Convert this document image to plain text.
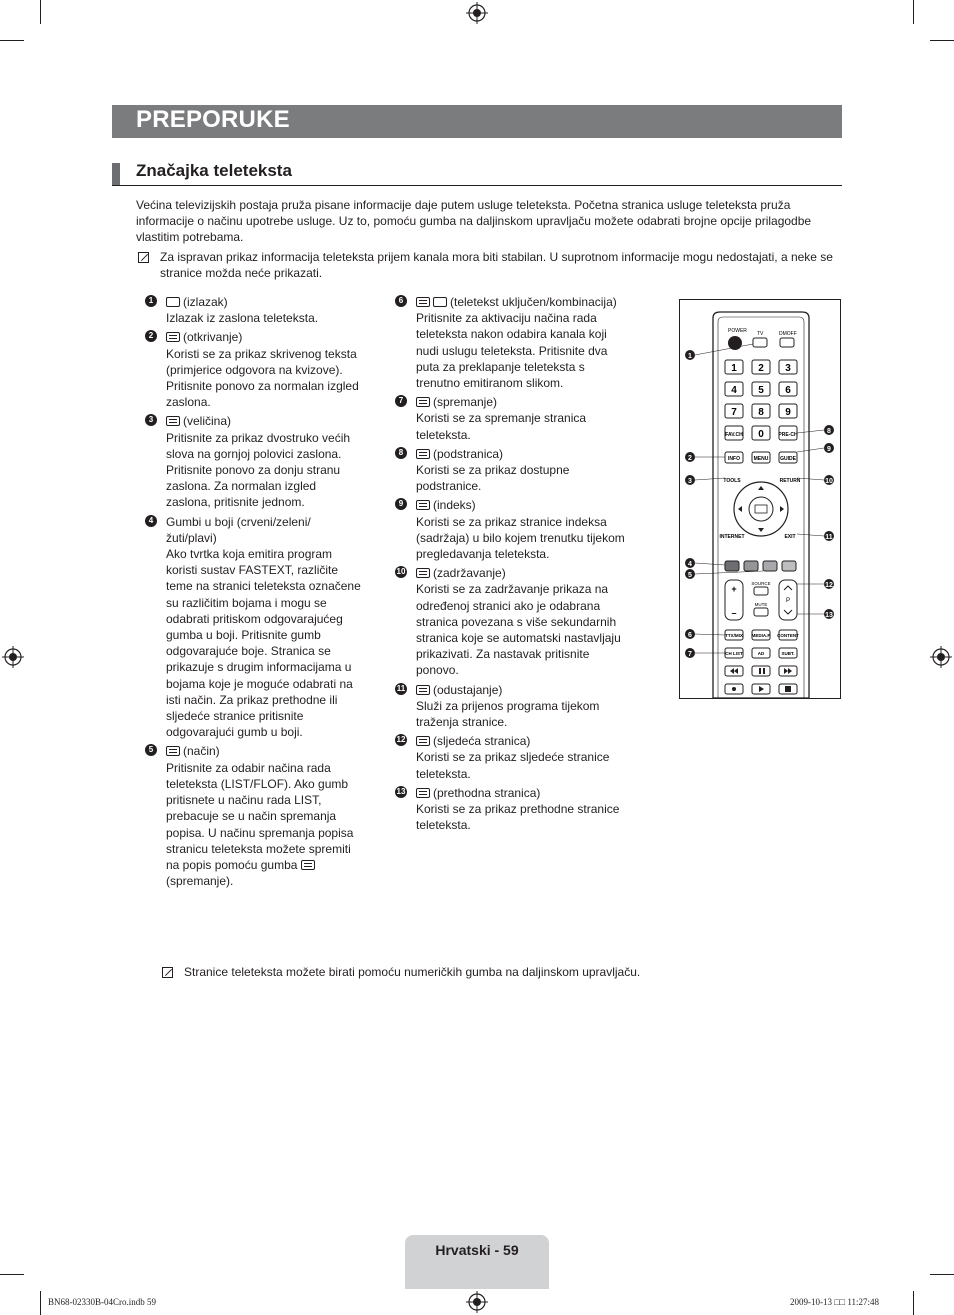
PREPORUKE
Značajka teleteksta
Većina televizijskih postaja pruža pisane informacije daje putem usluge teleteksta. Početna stranica usluge teleteksta pruža informacije o načinu upotrebe usluge. Uz to, pomoću gumba na daljinskom upravljaču možete odabrati brojne opcije prilagodbe vlastitim potrebama.
Za ispravan prikaz informacija teleteksta prijem kanala mora biti stabilan. U suprotnom informacije mogu nedostajati, a neke se stranice možda neće prikazati.
1	(izlazak)
Izlazak iz zaslona teleteksta.
2	(otkrivanje)
Koristi se za prikaz skrivenog teksta (primjerice odgovora na kvizove). Pritisnite ponovo za normalan izgled zaslona.
3	(veličina)
Pritisnite za prikaz dvostruko većih slova na gornjoj polovici zaslona. Pritisnite ponovo za donju stranu zaslona. Za normalan izgled zaslona, pritisnite jednom.
4	Gumbi u boji (crveni/zeleni/žuti/plavi)
Ako tvrtka koja emitira program koristi sustav FASTEXT, različite teme na stranici teleteksta označene su različitim bojama i mogu se odabrati pritiskom odgovarajućeg gumba u boji. Pritisnite gumb odgovarajuće boje. Stranica se prikazuje s drugim informacijama u bojama koje je moguće odabrati na isti način. Za prikaz prethodne ili sljedeće stranice pritisnite odgovarajući gumb u boji.
5	(način)
Pritisnite za odabir načina rada teleteksta (LIST/FLOF). Ako gumb pritisnete u načinu rada LIST, prebacuje se u način spremanja popisa. U načinu spremanja popisa stranicu teleteksta možete spremiti na popis pomoću gumba
(spremanje).
6	(teletekst uključen/kombinacija)
Pritisnite za aktivaciju načina rada teleteksta nakon odabira kanala koji nudi uslugu teleteksta. Pritisnite dva puta za preklapanje teleteksta s trenutno emitiranom slikom.
7	(spremanje)
Koristi se za spremanje stranica teleteksta.
8	(podstranica)
Koristi se za prikaz dostupne podstranice.
9	(indeks)
Koristi se za prikaz stranice indeksa (sadržaja) u bilo kojem trenutku tijekom pregledavanja teleteksta.
10 (zadržavanje)
Koristi se za zadržavanje prikaza na određenoj stranici ako je odabrana stranica povezana s više sekundarnih stranica koje se automatski nastavljaju prikazivati. Za nastavak pritisnite ponovo.
11 (odustajanje)
Služi za prijenos programa tijekom traženja stranice.
12 (sljedeća stranica)
Koristi se za prikaz sljedeće stranice teleteksta.
13 (prethodna stranica)
Koristi se za prikaz prethodne stranice teleteksta.
POWER TV	DMOFF
1 2 3
4 5 6
7 8 9
FAV.CH 0	PRE-CH
INFO	MENU GUIDE
TOOLS	RETURN
INTERNET	EXIT
+
–
SOURCE
MUTE
P
TTX/MIX MEDIA.P CONTENT
CH LIST	AD	SUBT.
1
2
3
4
5
6
7
8
9
10
11
12
13
Stranice teleteksta možete birati pomoću numeričkih gumba na daljinskom upravljaču.
Hrvatski - 59
BN68-02330B-04Cro.indb 59	2009-10-13 □□ 11:27:48
